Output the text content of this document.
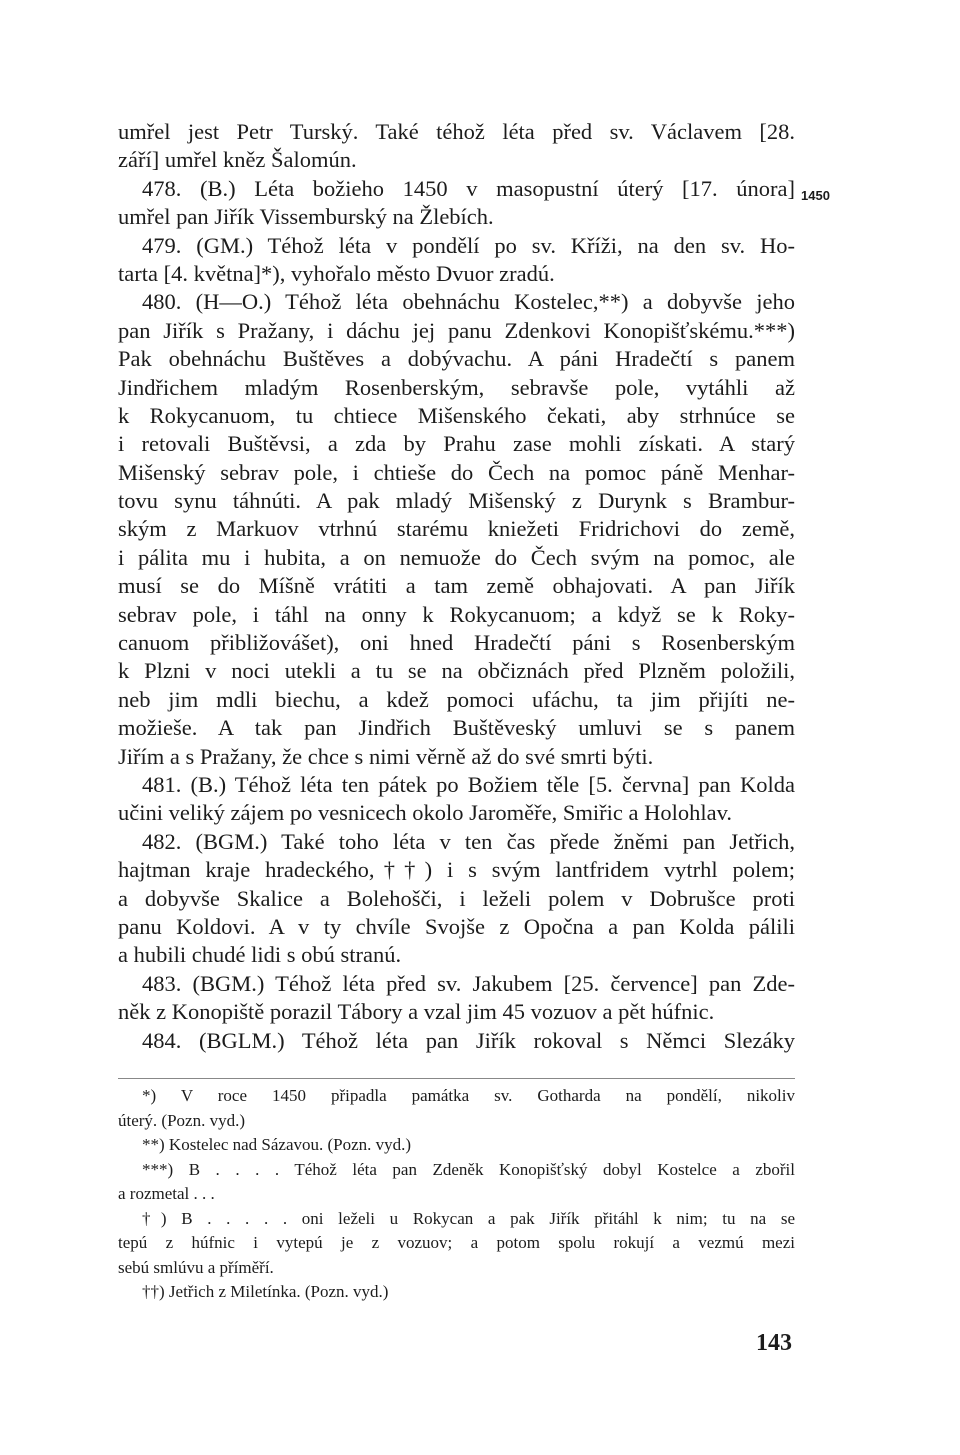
umřel jest Petr Turský. Také téhož léta před sv. Václavem [28.
září] umřel kněz Šalomún.
478. (B.) Léta božieho 1450 v masopustní úterý [17. února]
umřel pan Jiřík Vissemburský na Žlebích.
479. (GM.) Téhož léta v pondělí po sv. Kříži, na den sv. Ho-
tarta [4. května]*), vyhořalo město Dvuor zradú.
480. (H—O.) Téhož léta obehnáchu Kostelec,**) a dobyvše jeho
pan Jiřík s Pražany, i dáchu jej panu Zdenkovi Konopišťskému.***)
Pak obehnáchu Buštěves a dobývachu. A páni Hradečtí s panem
Jindřichem mladým Rosenberským, sebravše pole, vytáhli až
k Rokycanuom, tu chtiece Mišenského čekati, aby strhnúce se
i retovali Buštěvsi, a zda by Prahu zase mohli získati. A starý
Mišenský sebrav pole, i chtieše do Čech na pomoc páně Menhar-
tovu synu táhnúti. A pak mladý Mišenský z Durynk s Brambur-
ským z Markuov vtrhnú starému kniežeti Fridrichovi do země,
i pálita mu i hubita, a on nemuože do Čech svým na pomoc, ale
musí se do Míšně vrátiti a tam země obhajovati. A pan Jiřík
sebrav pole, i táhl na onny k Rokycanuom; a když se k Roky-
canuom přibližovášet), oni hned Hradečtí páni s Rosenberským
k Plzni v noci utekli a tu se na občiznách před Plzněm položili,
neb jim mdli biechu, a kdež pomoci ufáchu, ta jim přijíti ne-
možieše. A tak pan Jindřich Buštěveský umluvi se s panem
Jiřím a s Pražany, že chce s nimi věrně až do své smrti býti.
481. (B.) Téhož léta ten pátek po Božiem těle [5. června] pan Kolda
učini veliký zájem po vesnicech okolo Jaroměře, Smiřic a Holohlav.
482. (BGM.) Také toho léta v ten čas přede žněmi pan Jetřich,
hajtman kraje hradeckého,††) i s svým lantfridem vytrhl polem;
a dobyvše Skalice a Bolehošči, i leželi polem v Dobrušce proti
panu Koldovi. A v ty chvíle Svojše z Opočna a pan Kolda pálili
a hubili chudé lidi s obú stranú.
483. (BGM.) Téhož léta před sv. Jakubem [25. července] pan Zde-
něk z Konopiště porazil Tábory a vzal jim 45 vozuov a pět húfnic.
484. (BGLM.) Téhož léta pan Jiřík rokoval s Němci Slezáky
1450
*) V roce 1450 připadla památka sv. Gotharda na pondělí, nikoliv
úterý. (Pozn. vyd.)
**) Kostelec nad Sázavou. (Pozn. vyd.)
***) B . . . . Téhož léta pan Zdeněk Konopišťský dobyl Kostelce a zbořil
a rozmetal . . .
†) B . . . . . oni leželi u Rokycan a pak Jiřík přitáhl k nim; tu na se
tepú z húfnic i vytepú je z vozuov; a potom spolu rokují a vezmú mezi
sebú smlúvu a příměří.
††) Jetřich z Miletínka. (Pozn. vyd.)
143
